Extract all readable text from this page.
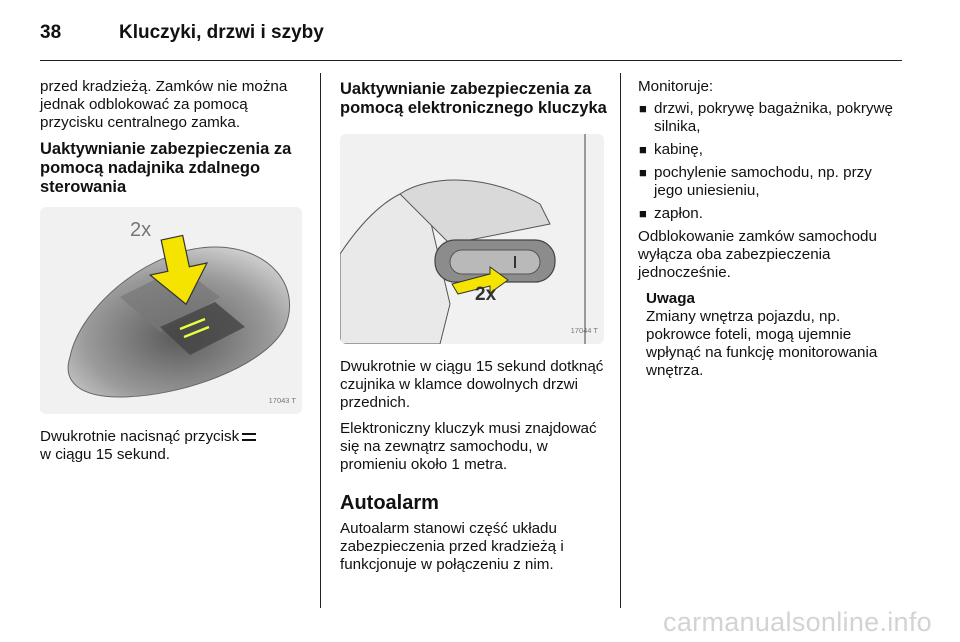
38	Kluczyki, drzwi i szyby

przed kradzieżą. Zamków nie można jednak odblokować za pomocą przycisku centralnego zamka.

Uaktywnianie zabezpieczenia za pomocą nadajnika zdalnego sterowania
2x
17043 T

Dwukrotnie nacisnąć przycisk
w ciągu 15 sekund.

Uaktywnianie zabezpieczenia za pomocą elektronicznego kluczyka
2x
17044 T

Dwukrotnie w ciągu 15 sekund dotknąć czujnika w klamce dowolnych drzwi przednich.

Elektroniczny kluczyk musi znajdować się na zewnątrz samochodu, w promieniu około 1 metra.

Autoalarm

Autoalarm stanowi część układu zabezpieczenia przed kradzieżą i funkcjonuje w połączeniu z nim.

Monitoruje:

■ drzwi, pokrywę bagażnika, pokrywę silnika,
■ kabinę,
■ pochylenie samochodu, np. przy jego uniesieniu,
■ zapłon.

Odblokowanie zamków samochodu wyłącza oba zabezpieczenia jednocześnie.

Uwaga
Zmiany wnętrza pojazdu, np. pokrowce foteli, mogą ujemnie wpłynąć na funkcję monitorowania wnętrza.
carmanualsonline.info
